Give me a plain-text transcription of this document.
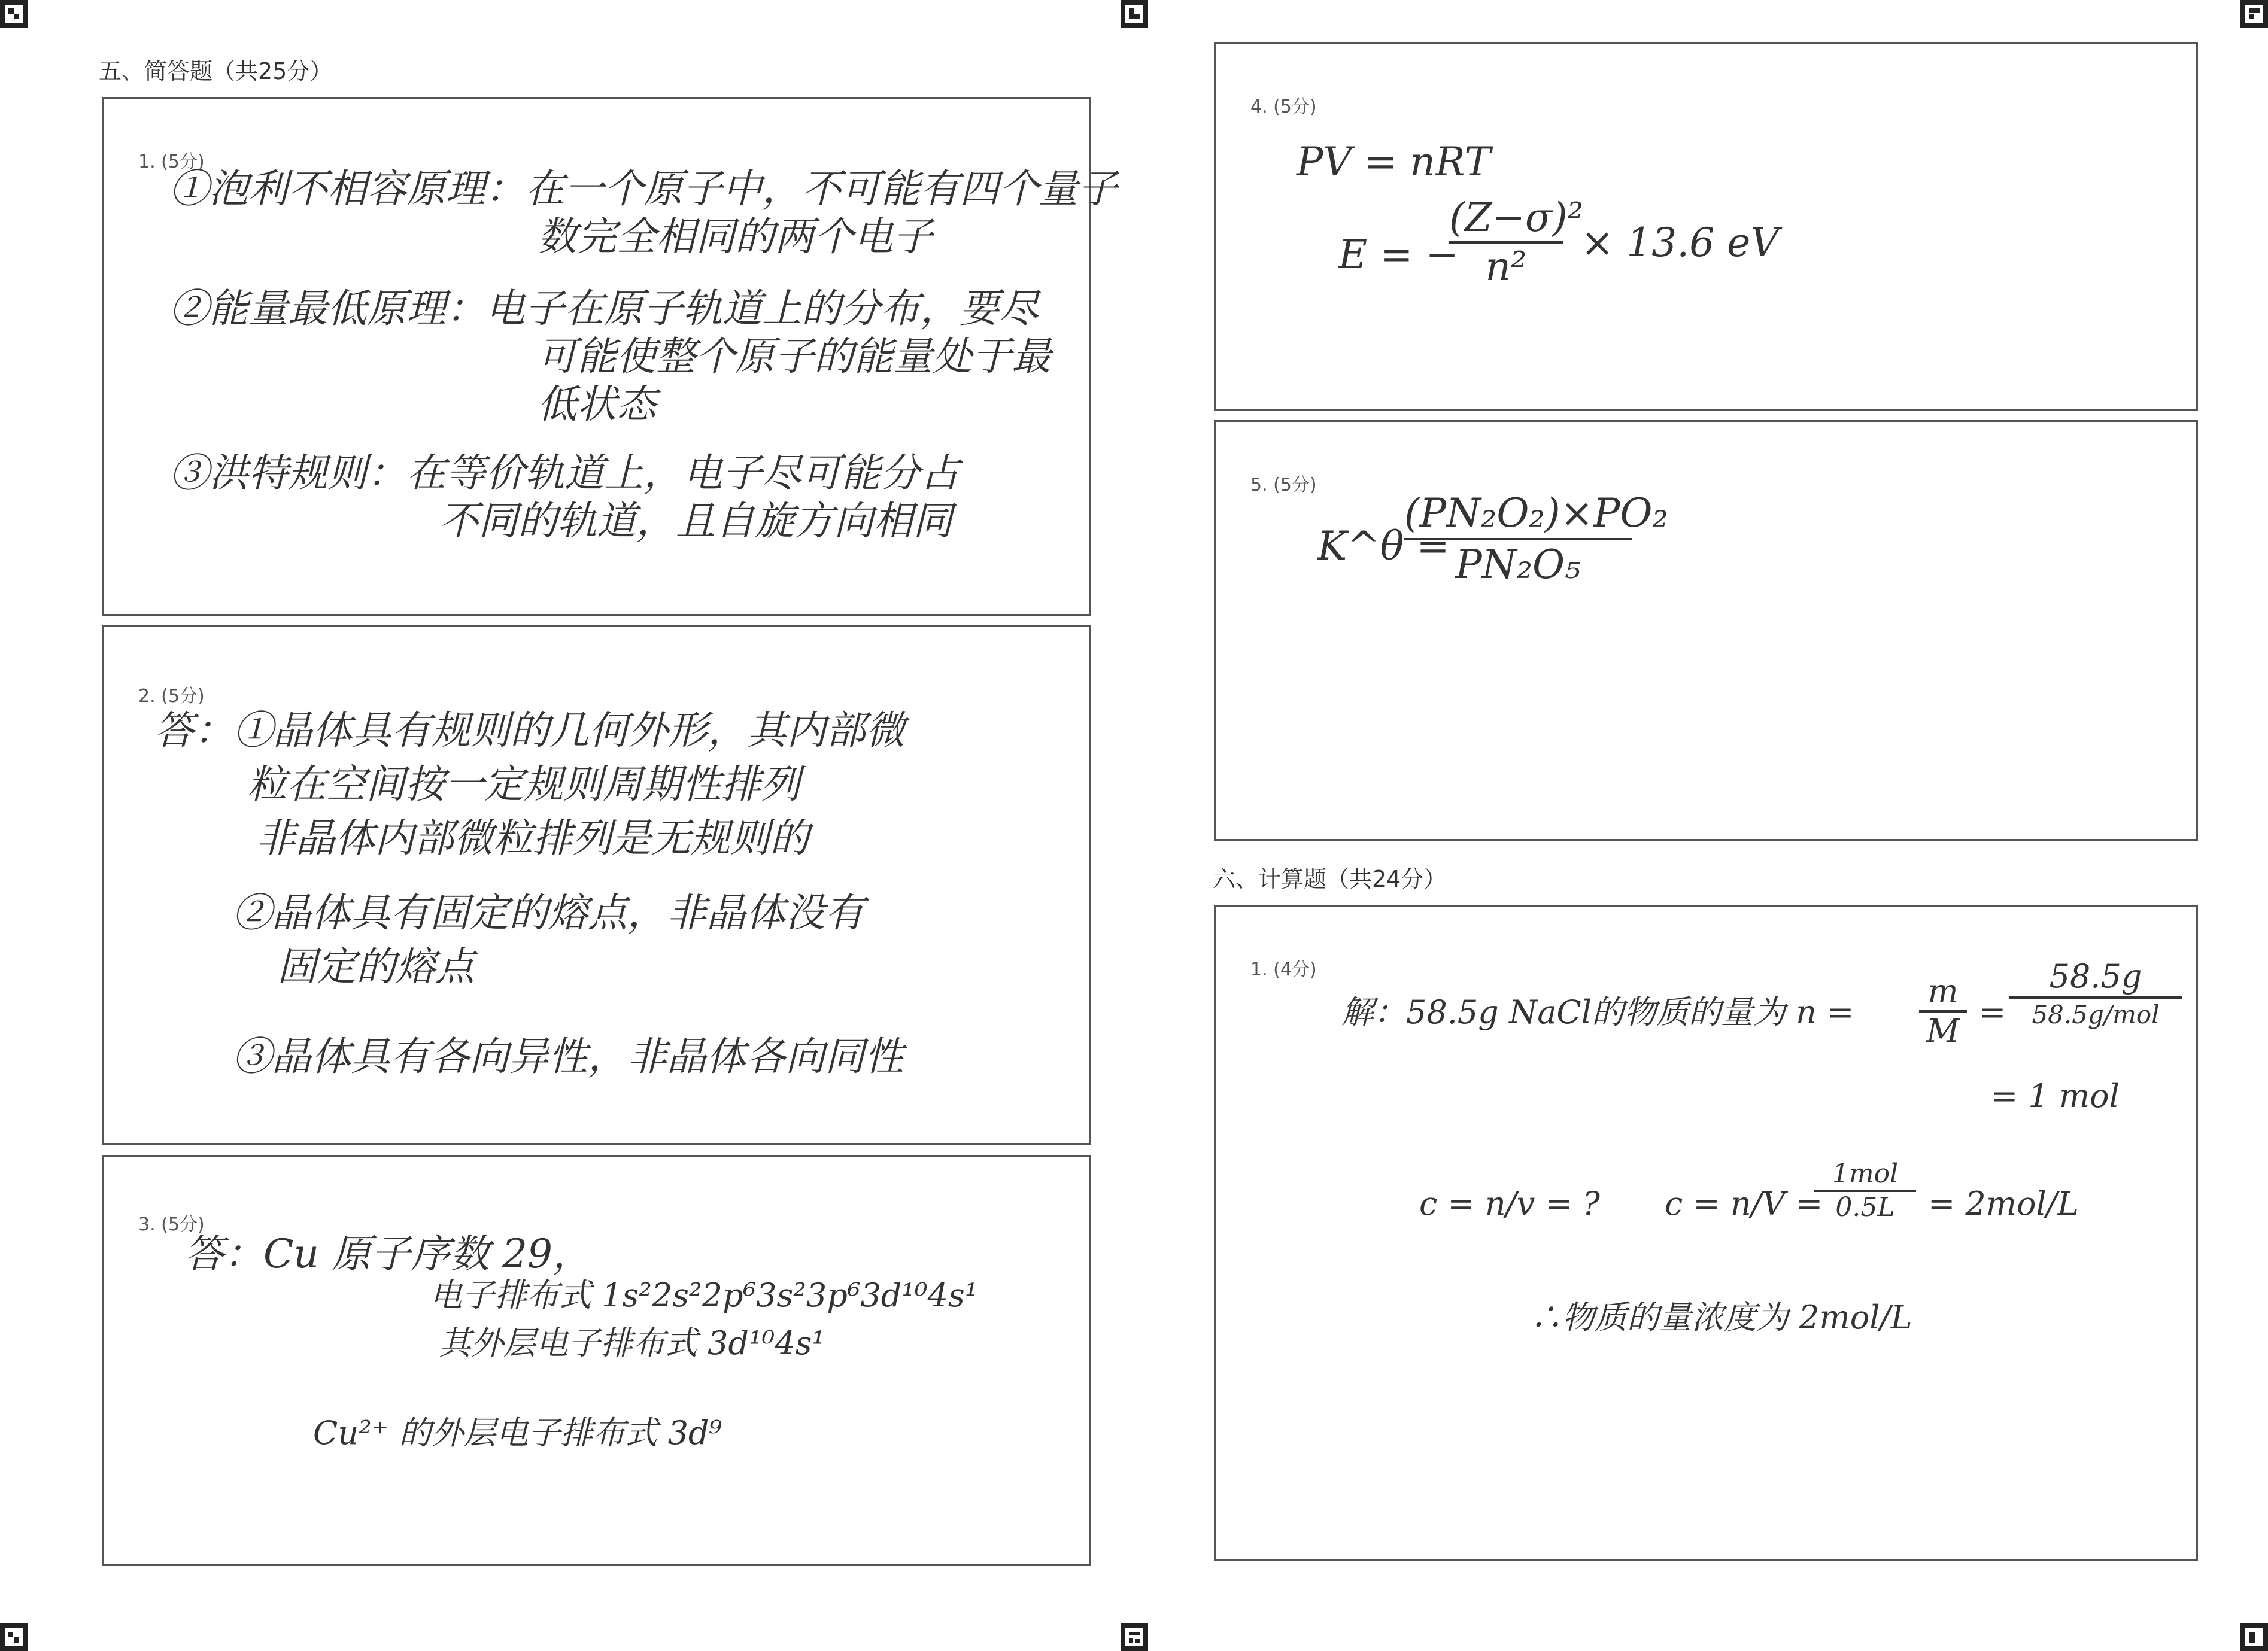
五、简答题（共25分）
六、计算题（共24分）
1. (5分)
①泡利不相容原理：在一个原子中，不可能有四个量子
数完全相同的两个电子
②能量最低原理：电子在原子轨道上的分布，要尽
可能使整个原子的能量处于最
低状态
③洪特规则：在等价轨道上，电子尽可能分占
不同的轨道，且自旋方向相同
2. (5分)
答：①晶体具有规则的几何外形，其内部微
粒在空间按一定规则周期性排列
非晶体内部微粒排列是无规则的
②晶体具有固定的熔点，非晶体没有
固定的熔点
③晶体具有各向异性，非晶体各向同性
3. (5分)
答：Cu 原子序数 29，
电子排布式 1s²2s²2p⁶3s²3p⁶3d¹⁰4s¹
其外层电子排布式 3d¹⁰4s¹
Cu²⁺ 的外层电子排布式 3d⁹
4. (5分)
PV = nRT
E = −
(Z−σ)²
n²
× 13.6 eV
5. (5分)
K^θ =
(PN₂O₂)×PO₂
PN₂O₅
1. (4分)
解：58.5g NaCl的物质的量为 n =
m
M =
58.5g
58.5g/mol
= 1 mol
c = n/v = ? c = n/V =
1mol
0.5L	= 2mol/L
∴物质的量浓度为 2mol/L
